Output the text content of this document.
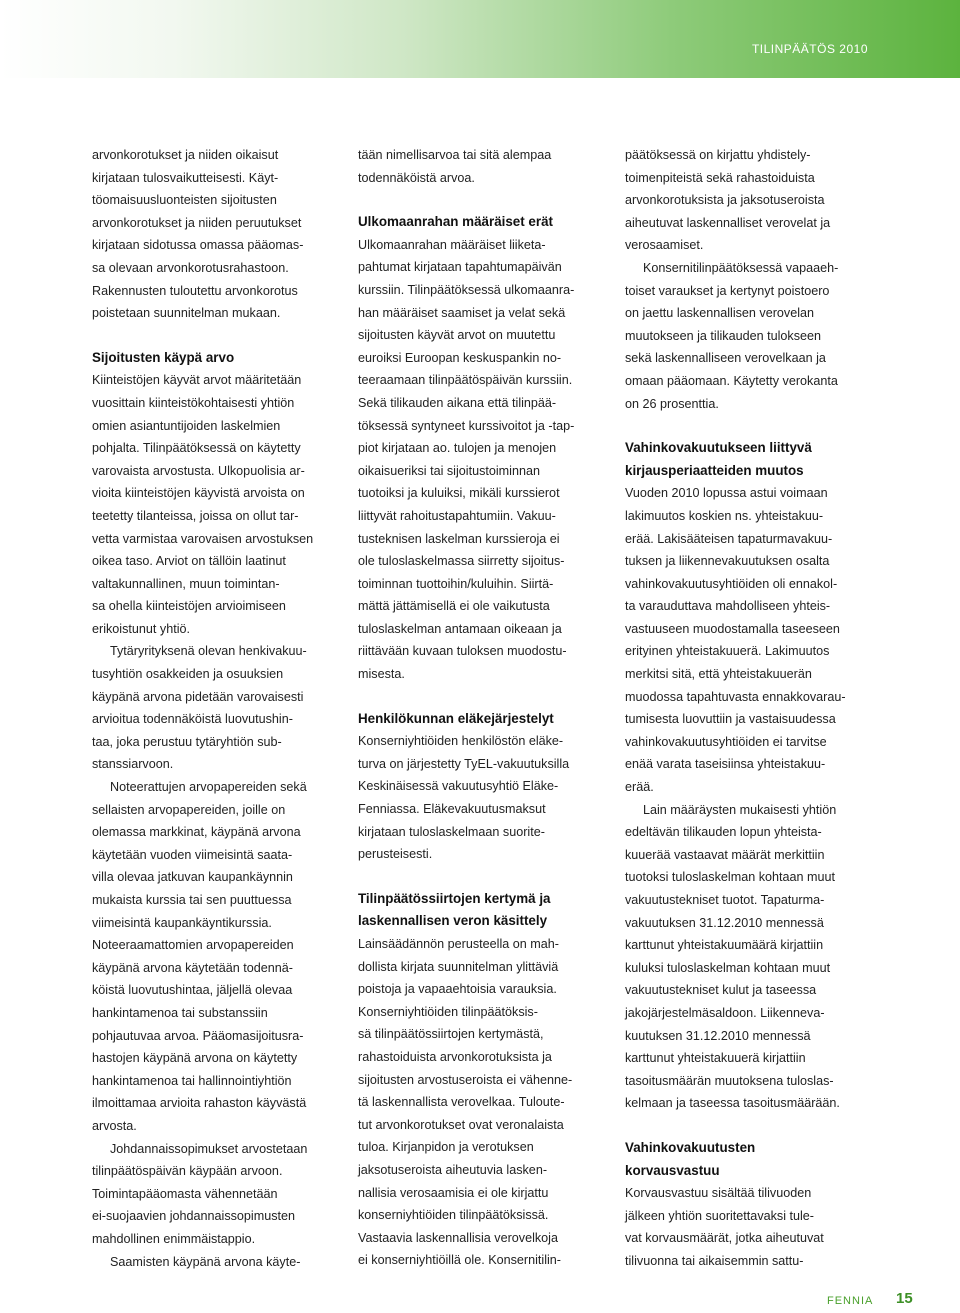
TILINPÄÄTÖS 2010

arvonkorotukset ja niiden oikaisut
kirjataan tulosvaikutteisesti. Käyt-
töomaisuusluonteisten sijoitusten
arvonkorotukset ja niiden peruutukset
kirjataan sidotussa omassa pääomas-
sa olevaan arvonkorotusrahastoon.
Rakennusten tuloutettu arvonkorotus
poistetaan suunnitelman mukaan.

Sijoitusten käypä arvo

Kiinteistöjen käyvät arvot määritetään
vuosittain kiinteistökohtaisesti yhtiön
omien asiantuntijoiden laskelmien
pohjalta. Tilinpäätöksessä on käytetty
varovaista arvostusta. Ulkopuolisia ar-
vioita kiinteistöjen käyvistä arvoista on
teetetty tilanteissa, joissa on ollut tar-
vetta varmistaa varovaisen arvostuksen
oikea taso. Arviot on tällöin laatinut
valtakunnallinen, muun toimintan-
sa ohella kiinteistöjen arvioimiseen
erikoistunut yhtiö.

Tytäryrityksenä olevan henkivakuu-
tusyhtiön osakkeiden ja osuuksien
käypänä arvona pidetään varovaisesti
arvioitua todennäköistä luovutushin-
taa, joka perustuu tytäryhtiön sub-
stanssiarvoon.

Noteerattujen arvopapereiden sekä
sellaisten arvopapereiden, joille on
olemassa markkinat, käypänä arvona
käytetään vuoden viimeisintä saata-
villa olevaa jatkuvan kaupankäynnin
mukaista kurssia tai sen puuttuessa
viimeisintä kaupankäyntikurssia.
Noteeraamattomien arvopapereiden
käypänä arvona käytetään todennä-
köistä luovutushintaa, jäljellä olevaa
hankintamenoa tai substanssiin
pohjautuvaa arvoa. Pääomasijoitusra-
hastojen käypänä arvona on käytetty
hankintamenoa tai hallinnointiyhtiön
ilmoittamaa arvioita rahaston käyvästä
arvosta.

Johdannaissopimukset arvostetaan
tilinpäätöspäivän käypään arvoon.
Toimintapääomasta vähennetään
ei-suojaavien johdannaissopimusten
mahdollinen enimmäistappio.

Saamisten käypänä arvona käyte-

tään nimellisarvoa tai sitä alempaa
todennäköistä arvoa.

Ulkomaanrahan määräiset erät

Ulkomaanrahan määräiset liiketa-
pahtumat kirjataan tapahtumapäivän
kurssiin. Tilinpäätöksessä ulkomaanra-
han määräiset saamiset ja velat sekä
sijoitusten käyvät arvot on muutettu
euroiksi Euroopan keskuspankin no-
teeraamaan tilinpäätöspäivän kurssiin.
Sekä tilikauden aikana että tilinpää-
töksessä syntyneet kurssivoitot ja -tap-
piot kirjataan ao. tulojen ja menojen
oikaisueriksi tai sijoitustoiminnan
tuotoiksi ja kuluiksi, mikäli kurssierot
liittyvät rahoitustapahtumiin. Vakuu-
tusteknisen laskelman kurssieroja ei
ole tuloslaskelmassa siirretty sijoitus-
toiminnan tuottoihin/kuluihin. Siirtä-
mättä jättämisellä ei ole vaikutusta
tuloslaskelman antamaan oikeaan ja
riittävään kuvaan tuloksen muodostu-
misesta.

Henkilökunnan eläkejärjestelyt

Konserniyhtiöiden henkilöstön eläke-
turva on järjestetty TyEL-vakuutuksilla
Keskinäisessä vakuutusyhtiö Eläke-
Fenniassa. Eläkevakuutusmaksut
kirjataan tuloslaskelmaan suorite-
perusteisesti.

Tilinpäätössiirtojen kertymä ja
laskennallisen veron käsittely

Lainsäädännön perusteella on mah-
dollista kirjata suunnitelman ylittäviä
poistoja ja vapaaehtoisia varauksia.
Konserniyhtiöiden tilinpäätöksis-
sä tilinpäätössiirtojen kertymästä,
rahastoiduista arvonkorotuksista ja
sijoitusten arvostuseroista ei vähenne-
tä laskennallista verovelkaa. Tuloute-
tut arvonkorotukset ovat veronalaista
tuloa. Kirjanpidon ja verotuksen
jaksotuseroista aiheutuvia lasken-
nallisia verosaamisia ei ole kirjattu
konserniyhtiöiden tilinpäätöksissä.
Vastaavia laskennallisia verovelkoja
ei konserniyhtiöillä ole. Konsernitilin-

päätöksessä on kirjattu yhdistely-
toimenpiteistä sekä rahastoiduista
arvonkorotuksista ja jaksotuseroista
aiheutuvat laskennalliset verovelat ja
verosaamiset.

Konsernitilinpäätöksessä vapaaeh-
toiset varaukset ja kertynyt poistoero
on jaettu laskennallisen verovelan
muutokseen ja tilikauden tulokseen
sekä laskennalliseen verovelkaan ja
omaan pääomaan. Käytetty verokanta
on 26 prosenttia.

Vahinkovakuutukseen liittyvä
kirjausperiaatteiden muutos

Vuoden 2010 lopussa astui voimaan
lakimuutos koskien ns. yhteistakuu-
erää. Lakisääteisen tapaturmavakuu-
tuksen ja liikennevakuutuksen osalta
vahinkovakuutusyhtiöiden oli ennakol-
ta varauduttava mahdolliseen yhteis-
vastuuseen muodostamalla taseeseen
erityinen yhteistakuuerä. Lakimuutos
merkitsi sitä, että yhteistakuuerän
muodossa tapahtuvasta ennakkovarau-
tumisesta luovuttiin ja vastaisuudessa
vahinkovakuutusyhtiöiden ei tarvitse
enää varata taseisiinsa yhteistakuu-
erää.

Lain määräysten mukaisesti yhtiön
edeltävän tilikauden lopun yhteista-
kuuerää vastaavat määrät merkittiin
tuotoksi tuloslaskelman kohtaan muut
vakuutustekniset tuotot. Tapaturma-
vakuutuksen 31.12.2010 mennessä
karttunut yhteistakuumäärä kirjattiin
kuluksi tuloslaskelman kohtaan muut
vakuutustekniset kulut ja taseessa
jakojärjestelmäsaldoon. Liikenneva-
kuutuksen 31.12.2010 mennessä
karttunut yhteistakuuerä kirjattiin
tasoitusmäärän muutoksena tuloslas-
kelmaan ja taseessa tasoitusmäärään.

Vahinkovakuutusten
korvausvastuu

Korvausvastuu sisältää tilivuoden
jälkeen yhtiön suoritettavaksi tule-
vat korvausmäärät, jotka aiheutuvat
tilivuonna tai aikaisemmin sattu-

FENNIA 15
